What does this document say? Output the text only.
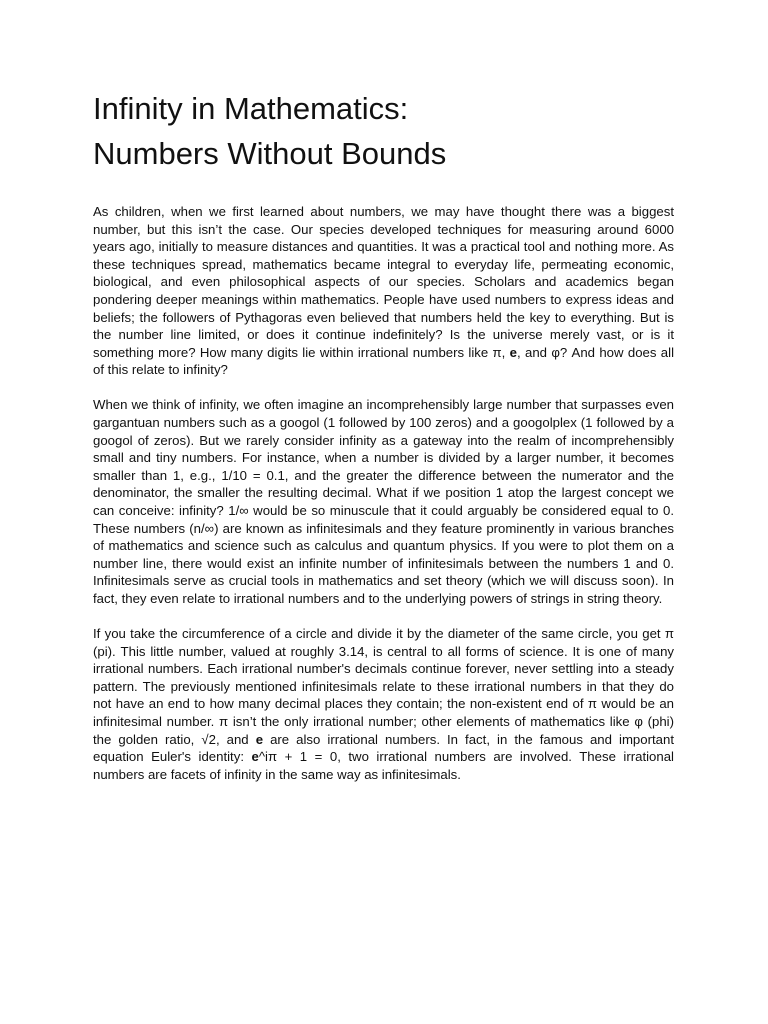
Infinity in Mathematics:
Numbers Without Bounds

As children, when we first learned about numbers, we may have thought there was a biggest number, but this isn’t the case. Our species developed techniques for measuring around 6000 years ago, initially to measure distances and quantities. It was a practical tool and nothing more. As these techniques spread, mathematics became integral to everyday life, permeating economic, biological, and even philosophical aspects of our species. Scholars and academics began pondering deeper meanings within mathematics. People have used numbers to express ideas and beliefs; the followers of Pythagoras even believed that numbers held the key to everything. But is the number line limited, or does it continue indefinitely? Is the universe merely vast, or is it something more? How many digits lie within irrational numbers like π, e, and φ? And how does all of this relate to infinity?

When we think of infinity, we often imagine an incomprehensibly large number that surpasses even gargantuan numbers such as a googol (1 followed by 100 zeros) and a googolplex (1 followed by a googol of zeros). But we rarely consider infinity as a gateway into the realm of incomprehensibly small and tiny numbers. For instance, when a number is divided by a larger number, it becomes smaller than 1, e.g., 1/10 = 0.1, and the greater the difference between the numerator and the denominator, the smaller the resulting decimal. What if we position 1 atop the largest concept we can conceive: infinity? 1/∞ would be so minuscule that it could arguably be considered equal to 0. These numbers (n/∞) are known as infinitesimals and they feature prominently in various branches of mathematics and science such as calculus and quantum physics. If you were to plot them on a number line, there would exist an infinite number of infinitesimals between the numbers 1 and 0. Infinitesimals serve as crucial tools in mathematics and set theory (which we will discuss soon). In fact, they even relate to irrational numbers and to the underlying powers of strings in string theory.

If you take the circumference of a circle and divide it by the diameter of the same circle, you get π (pi). This little number, valued at roughly 3.14, is central to all forms of science. It is one of many irrational numbers. Each irrational number's decimals continue forever, never settling into a steady pattern. The previously mentioned infinitesimals relate to these irrational numbers in that they do not have an end to how many decimal places they contain; the non-existent end of π would be an infinitesimal number. π isn’t the only irrational number; other elements of mathematics like φ (phi) the golden ratio, √2, and e are also irrational numbers. In fact, in the famous and important equation Euler's identity: e^iπ + 1 = 0, two irrational numbers are involved. These irrational numbers are facets of infinity in the same way as infinitesimals.
